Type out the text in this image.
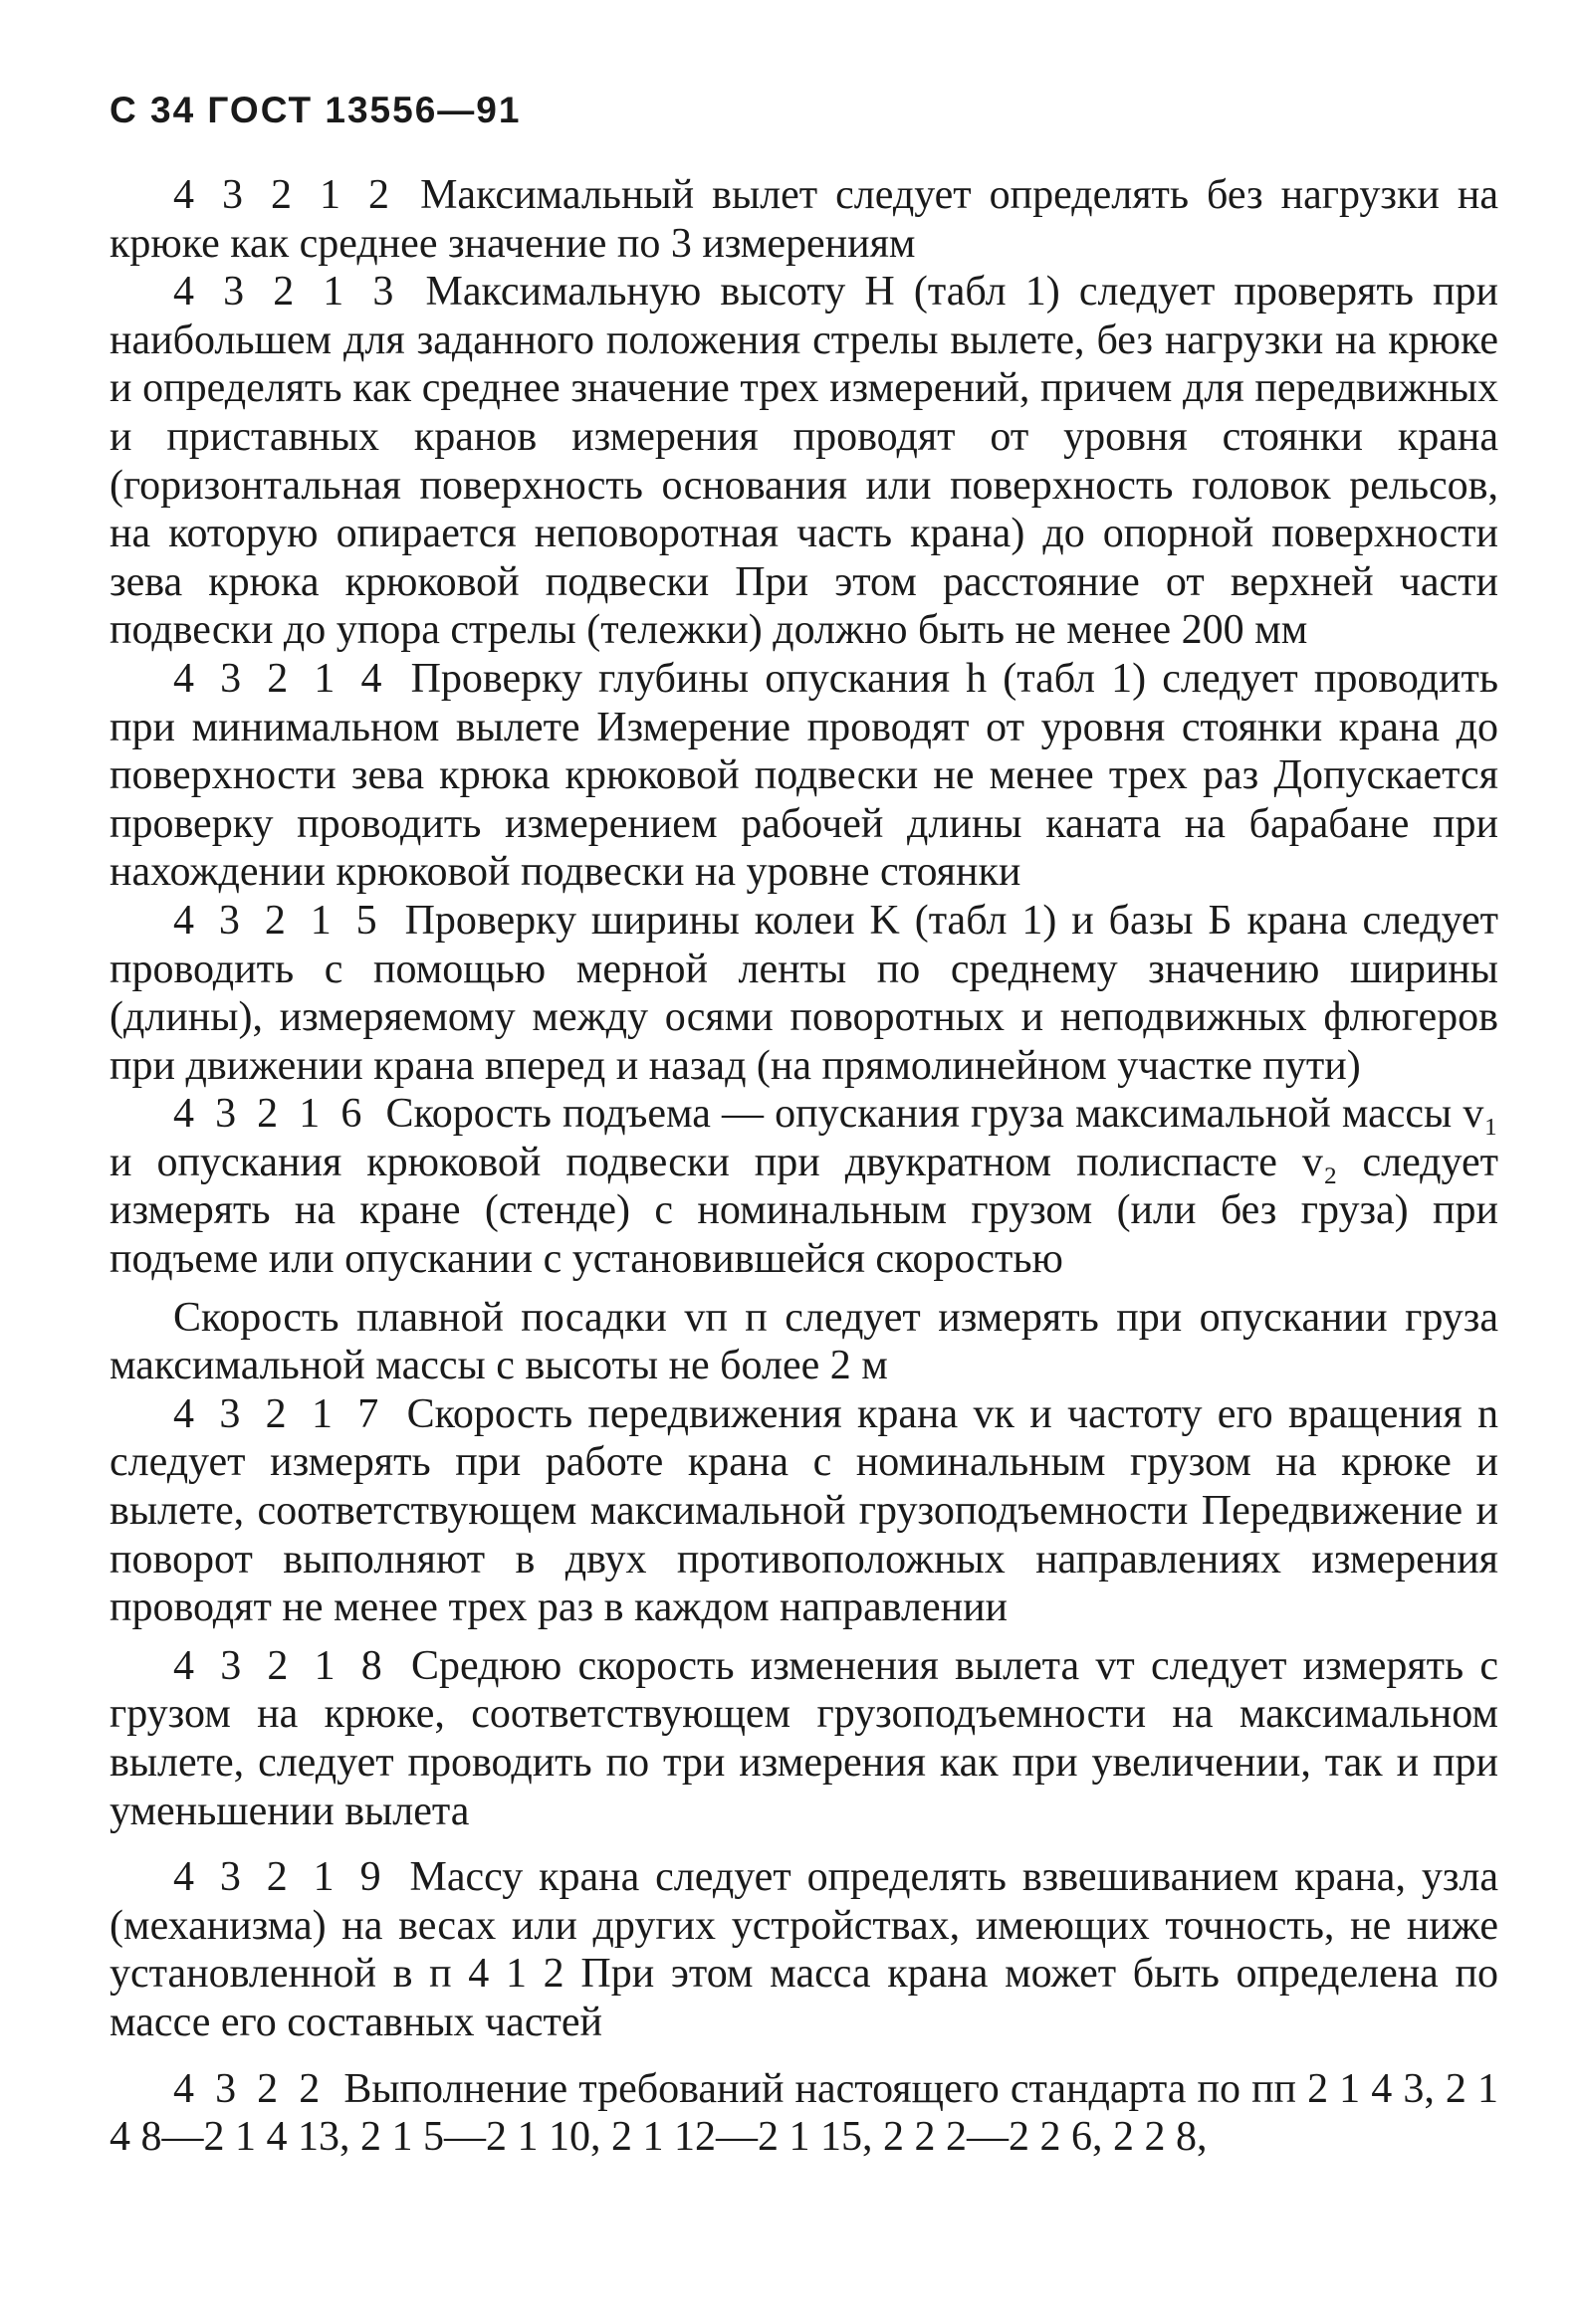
С 34 ГОСТ 13556—91

4 3 2 1 2 Максимальный вылет следует определять без нагрузки на крюке как среднее значение по 3 измерениям

4 3 2 1 3 Максимальную высоту H (табл 1) следует проверять при наибольшем для заданного положения стрелы вылете, без нагрузки на крюке и определять как среднее значение трех измерений, причем для передвижных и приставных кранов измерения проводят от уровня стоянки крана (горизонтальная поверхность основания или поверхность головок рельсов, на которую опирается неповоротная часть крана) до опорной поверхности зева крюка крюковой подвески При этом расстояние от верхней части подвески до упора стрелы (тележки) должно быть не менее 200 мм

4 3 2 1 4 Проверку глубины опускания h (табл 1) следует проводить при минимальном вылете Измерение проводят от уровня стоянки крана до поверхности зева крюка крюковой подвески не менее трех раз Допускается проверку проводить измерением рабочей длины каната на барабане при нахождении крюковой подвески на уровне стоянки

4 3 2 1 5 Проверку ширины колеи K (табл 1) и базы Б крана следует проводить с помощью мерной ленты по среднему значению ширины (длины), измеряемому между осями поворотных и неподвижных флюгеров при движении крана вперед и назад (на прямолинейном участке пути)

4 3 2 1 6 Скорость подъема — опускания груза максимальной массы v₁ и опускания крюковой подвески при двукратном полиспасте v₂ следует измерять на кране (стенде) с номинальным грузом (или без груза) при подъеме или опускании с установившейся скоростью

Скорость плавной посадки vп п следует измерять при опускании груза максимальной массы с высоты не более 2 м

4 3 2 1 7 Скорость передвижения крана vк и частоту его вращения n следует измерять при работе крана с номинальным грузом на крюке и вылете, соответствующем максимальной грузоподъемности Передвижение и поворот выполняют в двух противоположных направлениях измерения проводят не менее трех раз в каждом направлении

4 3 2 1 8 Средюю скорость изменения вылета vт следует измерять с грузом на крюке, соответствующем грузоподъемности на максимальном вылете, следует проводить по три измерения как при увеличении, так и при уменьшении вылета

4 3 2 1 9 Массу крана следует определять взвешиванием крана, узла (механизма) на весах или других устройствах, имеющих точность, не ниже установленной в п 4 1 2 При этом масса крана может быть определена по массе его составных частей

4 3 2 2 Выполнение требований настоящего стандарта по пп 2 1 4 3, 2 1 4 8—2 1 4 13, 2 1 5—2 1 10, 2 1 12—2 1 15, 2 2 2—2 2 6, 2 2 8,
